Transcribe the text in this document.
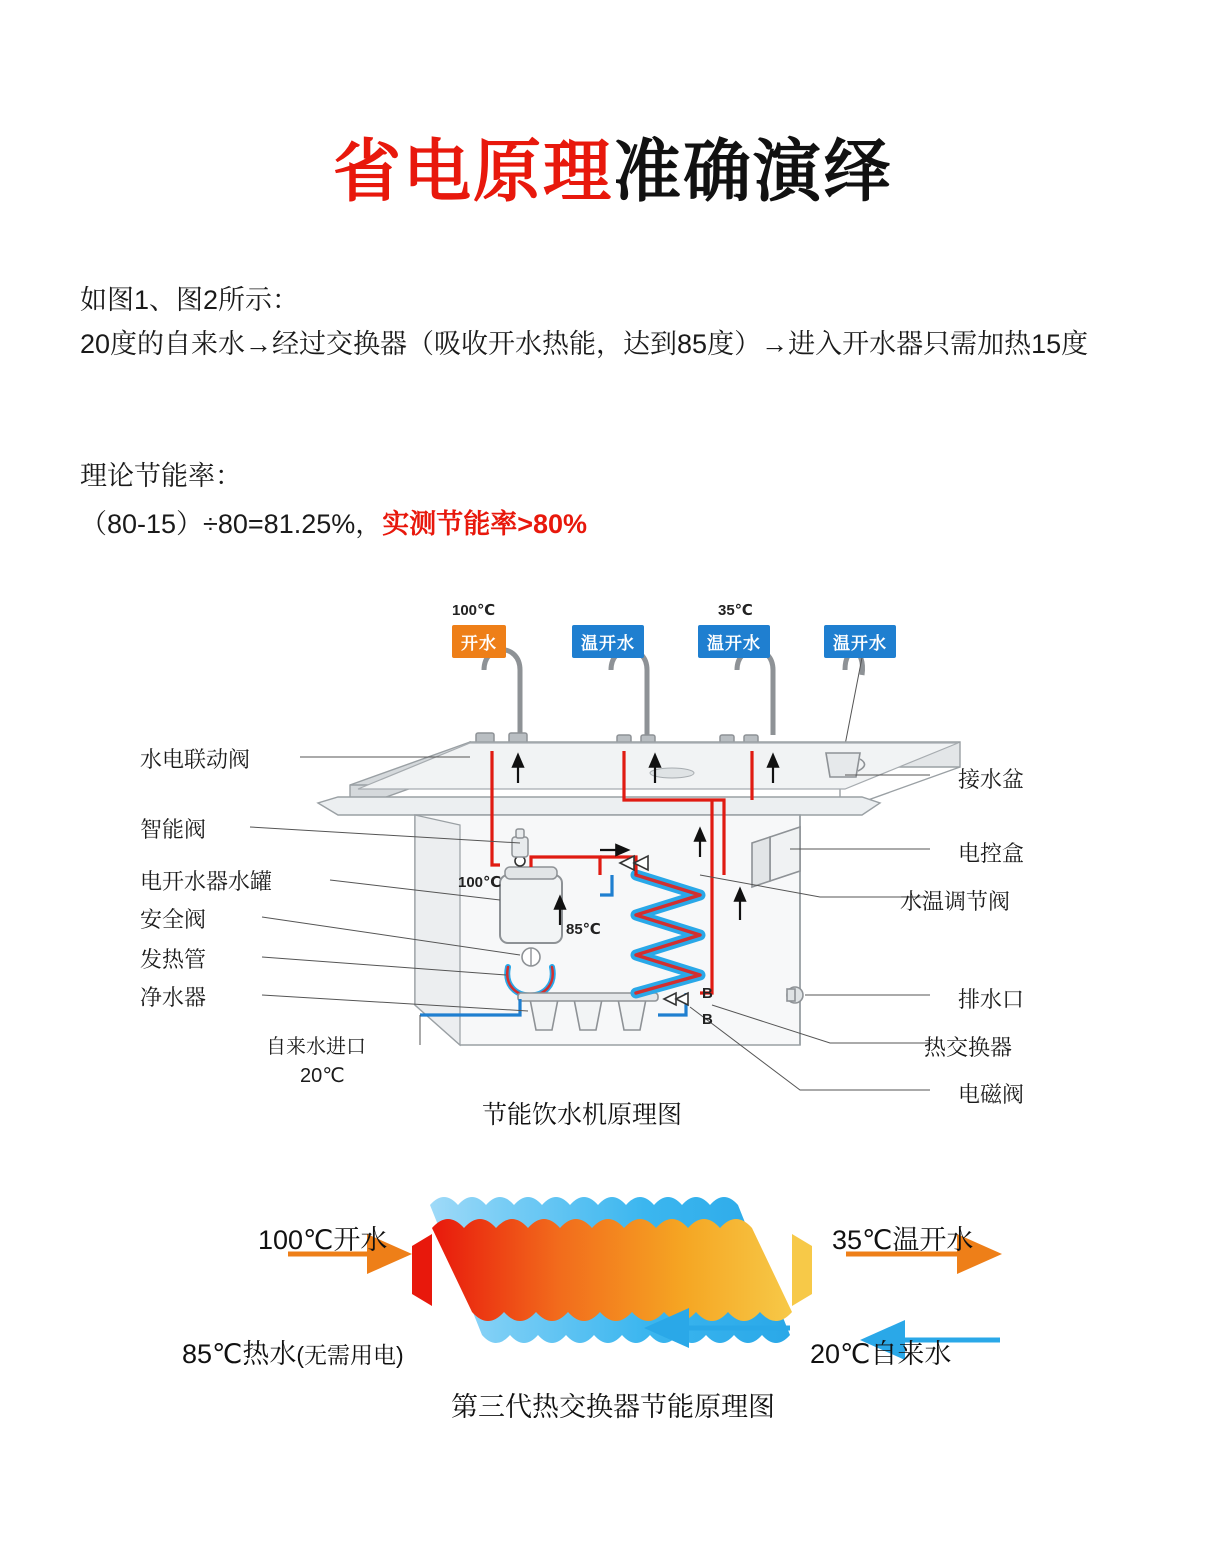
省电原理准确演绎
如图1、图2所示：
20度的自来水→经过交换器（吸收开水热能，达到85度）→进入开水器只需加热15度
理论节能率：
（80-15）÷80=81.25%，实测节能率>80%
100℃	35℃
开水	温开水	温开水	温开水
100℃
85℃
B
B
水电联动阀
智能阀
电开水器水罐
安全阀
发热管
净水器
自来水进口
20℃
接水盆
电控盒
水温调节阀
排水口
热交换器
电磁阀
节能饮水机原理图
100℃开水	35℃温开水
85℃热水(无需用电)	20℃自来水
第三代热交换器节能原理图
